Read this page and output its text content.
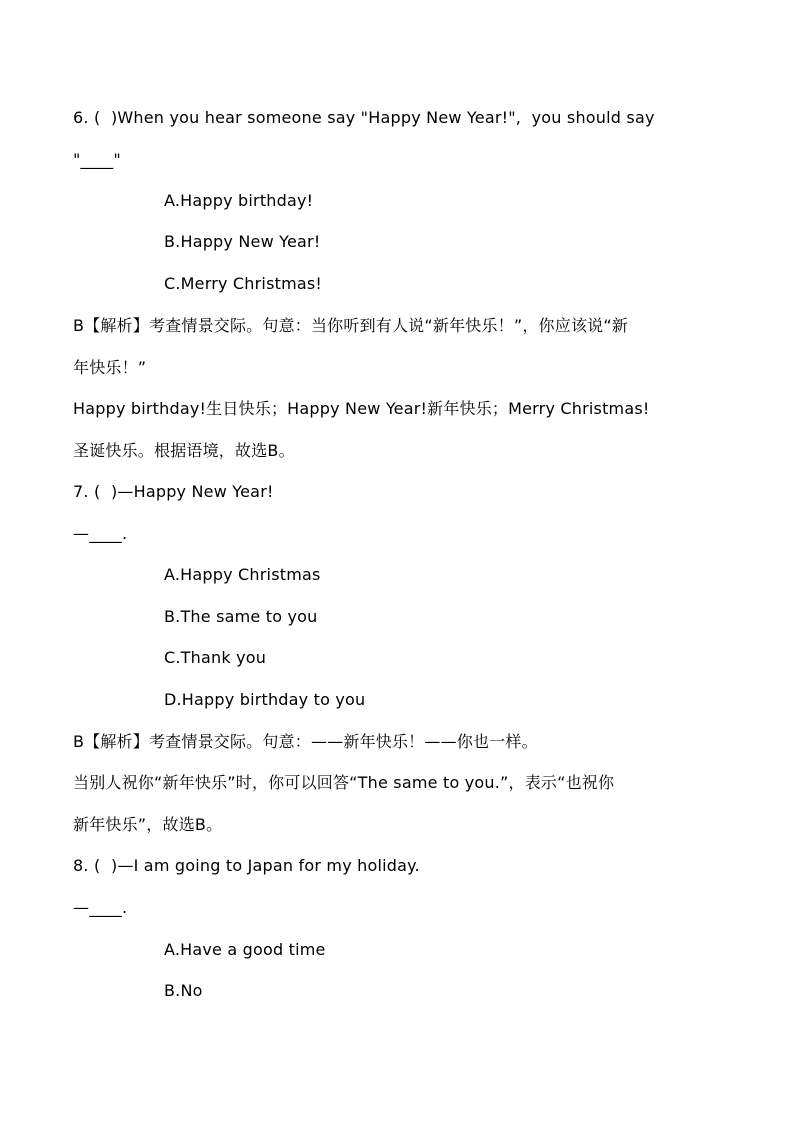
6. (  )When you hear someone say "Happy New Year!",  you should say
"____"
A.Happy birthday!
B.Happy New Year!
C.Merry Christmas!
B【解析】考查情景交际。句意：当你听到有人说“新年快乐！”，你应该说“新
年快乐！”
Happy birthday!生日快乐；Happy New Year!新年快乐；Merry Christmas!
圣诞快乐。根据语境，故选B。
7. (  )—Happy New Year!
—____.
A.Happy Christmas
B.The same to you
C.Thank you
D.Happy birthday to you
B【解析】考查情景交际。句意：——新年快乐！——你也一样。
当别人祝你“新年快乐”时，你可以回答“The same to you.”，表示“也祝你
新年快乐”，故选B。
8. (  )—I am going to Japan for my holiday.
—____.
A.Have a good time
B.No
